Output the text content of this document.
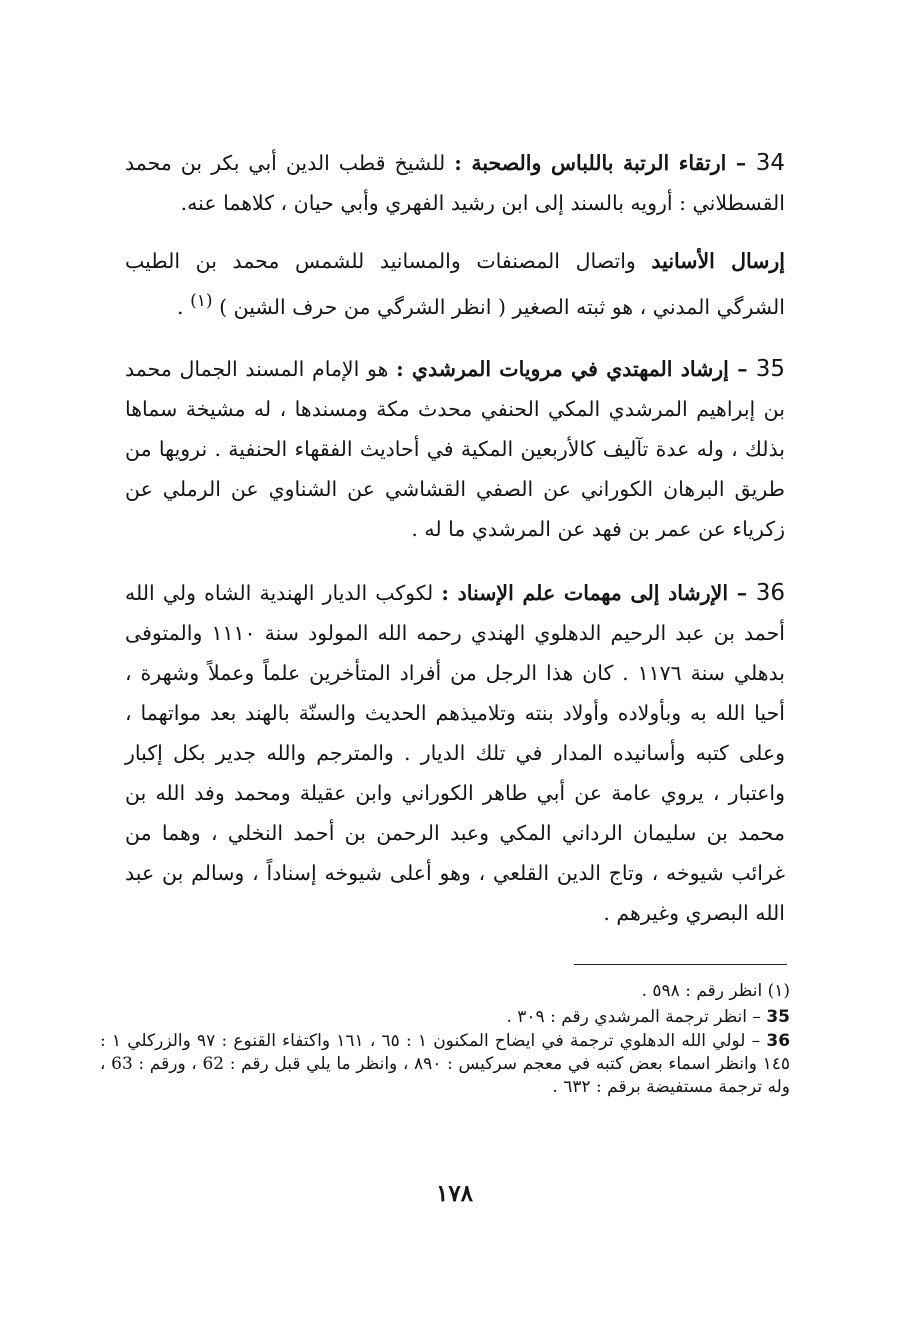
34 – ارتقاء الرتبة باللباس والصحبة : للشيخ قطب الدين أبي بكر بن محمد القسطلاني : أرويه بالسند إلى ابن رشيد الفهري وأبي حيان ، كلاهما عنه.

إرسال الأسانيد واتصال المصنفات والمسانيد للشمس محمد بن الطيب الشرگي المدني ، هو ثبته الصغير ( انظر الشرگي من حرف الشين ) $^{(١)}$ .

35 – إرشاد المهتدي في مرويات المرشدي : هو الإمام المسند الجمال محمد بن إبراهيم المرشدي المكي الحنفي محدث مكة ومسندها ، له مشيخة سماها بذلك ، وله عدة تآليف كالأربعين المكية في أحاديث الفقهاء الحنفية . نرويها من طريق البرهان الكوراني عن الصفي القشاشي عن الشناوي عن الرملي عن زكرياء عن عمر بن فهد عن المرشدي ما له .

36 – الإرشاد إلى مهمات علم الإسناد : لكوكب الديار الهندية الشاه ولي الله أحمد بن عبد الرحيم الدهلوي الهندي رحمه الله المولود سنة ١١١٠ والمتوفى بدهلي سنة ١١٧٦ . كان هذا الرجل من أفراد المتأخرين علماً وعملاً وشهرة ، أحيا الله به وبأولاده وأولاد بنته وتلاميذهم الحديث والسنّة بالهند بعد مواتهما ، وعلى كتبه وأسانيده المدار في تلك الديار . والمترجم والله جدير بكل إكبار واعتبار ، يروي عامة عن أبي طاهر الكوراني وابن عقيلة ومحمد وفد الله بن محمد بن سليمان الرداني المكي وعبد الرحمن بن أحمد النخلي ، وهما من غرائب شيوخه ، وتاج الدين القلعي ، وهو أعلى شيوخه إسناداً ، وسالم بن عبد الله البصري وغيرهم .

(١) انظر رقم : ٥٩٨ .
35 – انظر ترجمة المرشدي رقم : ٣٠٩ .
36 – لولي الله الدهلوي ترجمة في ايضاح المكنون ١ : ٦٥ ، ١٦١ واكتفاء القنوع : ٩٧ والزركلي ١ : ١٤٥ وانظر اسماء بعض كتبه في معجم سركيس : ٨٩٠ ، وانظر ما يلي قبل رقم : 62 ، ورقم : 63 ، وله ترجمة مستفيضة برقم : ٦٣٢ .
١٧٨
